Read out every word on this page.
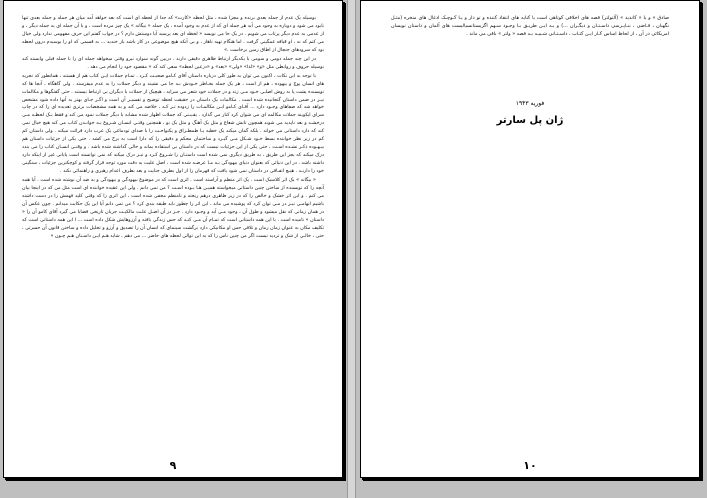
بوسیله یک عدم از جمله بعدی برنده و مجزا شده ، مثل لحظه «کارت» که جدا از لحظه ای است که بعد خواهد آمد میان هر جمله و جمله بعدی تنها نابود می شود و دوباره به وجود می آید هر جمله ای که از عدم به وجود آمده ، یک جمله « بیگانه » یک چیز مرده است ، و با آن جمله ای به جمله دیگر ، و از عدمی به عدم دیگر پرتاب می شویم . در یک جا می نویسد « لحظه ای بعد پرسید آیا دوستش دارم ؟ در جواب گفتم این حرف مفهومی ندارد ولی خیال می کنم که نه ، او قیافه غمگینی گرفت . اما هنگام تهیه ناهار ، و بی آنکه هیچ موضوعی در کار باشد باز خندید ... به قسمی که او را بوسیدم درون لحظه بود که سرودهای جنجال از اطاق زمین برخاست .»

در این چند جمله دومی و سومی با یکدیگر ارتباط ظاهری دقیقی دارند . دربین گونه سوارد نیرو وقتی میخواهد جمله ای را با جمله قبلی وابسته کند بوسیله حروف و روابطی مثل «و» «لذا» «ولی» «بعد» و «درعین لحظه» سعی کند که « مقصود خود را انجام می دهد .

با توجه به این نکات ، اکنون می توان به طور کلی درباره داستان آقای کـامو صحبـت کـرد . تمـام جملات ایـن کتاب هم از هستند ، همانطور که تجربه های انسان پوچ و بیهوده ، هم از است ، هر یک جمله بخـاطر خـودش بـه جا می نشیند و دیگر جملات را به عدم میفرستد . ولی گاهگاه ، آنجا ها که نویسنده پشت پا به روش اصلـی خـود مـی زند و در جملات خود شعر می سراید ، هیچیک از جملات با دیگران بی ارتباط نیستند . حتی گفتگوها و مکالمات نیـز در ضمن داستان گنجانیده شده است . مکالمات یک داستان در حقیقت لحظه توضیح و تفسیـر آن است و اگـر جـای بهتر به آنها داده شود مشخص خواهد شد که صفاهای وجـود دارد ... آقـای کـامو ایـن مکالمـات را زدوده تـر کـه ، خلاصه می کند و به همه مشخصات برتری تعدیده ای را که در چاپ سرای ایکوینه جملات مکالمه ای می شوان کرد کنار می گذارد . یقـیـنی که جملات اظهار شده مشابه با دیگر جملات نمود می کند و فقط بـک لحظـه مـی درخشـد و بعد ناپدید می شوند همچون تابش شعاع و مثل یک آهنگ و مثل یک بو ، همچنین وقتـی انسـان شـروع بـه خوانـدن کتاب می کند هیچ خیال نمی کند که دارد داستانی می خواند . بلکه گمان میکند یک خطبه یـا طمطـراق و پکنواخـت را با صدای تودماغی یک عرب دارد قرائت میکند . ولی داستان کم کم در زیر نظر خواننده بسط خـود شـکل مـی گیـرد و ساختمان محکم و دقیقی را که دارا است به برخ می کشد . حتی یکی از جزئیات داستان هم بیـهـوده ذکـر نشـده اسـت ، حتی یکی از این جزئیات نیست که در داستان بی استفاده بماند و خالی گذاشته شده باشد . و وقتـی انسـان کتاب را می بندد درک میکند که بجز این طریق ، به طریق دیگری نمی شده است داستـان را شـروع کـرد و نیـز درک میکند که نمی توانسته است پایانی غیر از اینکه دارد داشته باشد . در این دنیائی که بعنوان دنیای بیهودگی بـه مـا عرضـه شده است ، اصل علیت به دقت مورد توجه قرار گرفته و کوچکترین جزئیات ، سنگینی خود را دارنـد . هیـچ اتفـاقی در داستان نمی شود یافت که قهرمان را از اول بطرف جنایت و بعد بطرف اعدام رهبری و راهنمائی نکند .

« بیگانه » یک اثر کلاسیک است . یک اثر منظم و آراسته است . اثری است که در موضوع بیهودگی و بیهودگی و به ضد آن نوشته شده است . آیا همه آنچه را که نویسنده از ساختن چنین داستانی میخواسته همیـن هـا بـوده اسـت ؟ من نمی دانم . ولی این عقیده خواننده ای است مثل من که در اینجا بیان می کنم . و این اثر خشک و خالص را که در زیر ظاهری درهم ریخته و نامنظم مخفی شده است ، این اثری را که وقتی کلید فهمش را در دست داشته باشیم ابهامـی نیـز در مـی توان کرد که پوشیده می ماند ، این اثر را چطور باید طبقه بندی کرد ؟ من نمی دانم آیا این یک حکایت میدانم . چون عکس آن در همان زمانی که نقل میشود و طول آن ، وجود مـی آید و وجـود دارد . جـز در آن اصـل علـت مالکیـت جریان تاریخی قضایا می گیرد آقای کامو آن را « داستان » نامیده است . با این همه داستانی است که تمـام آن مـی کنـد که حس زندگی یافته و آرزوهایش شکل داده است ... ا این همه داستانی است که تکلیف مکان به عنوان زمان رمان و تلافی حس او مکانیکی دارد برگشت سینمای که انسان آن را تصدیق و آرزو و تحلیل داده و ساختن قانون آن حسرتی ، حتی ، خالـی از شک و تردید نیست اگر من چنین ناس را که به این توالی لحظه های حاضر ... می دهم ، شاید هـم ایـن داسـتان هـم چـون «

۹
صادق » و یا « کاندید » (آلتولتر) قصه های اخلاقی کوتاهی است با کنایه های انتقاد کننده و تو دار و یـا کـوچـک ادغال های منخره (مثـل نگهبان ، قـاضی ، بنـاپـرسی داسـتـان و دیگـران ...) و بـه ایـن طریـق بـا وجـود سـهم اگزیستانسیالیست های آلمان و داستان نویسان امریکائی در آن ، از لحاظ اساس کـار ایـن کتـاب ، داسـتـانی شـبیـه بـه قصه « ولتر » باقی می ماند .
فوریه ۱۹۴۳
ژان پل سارتر
۱۰
